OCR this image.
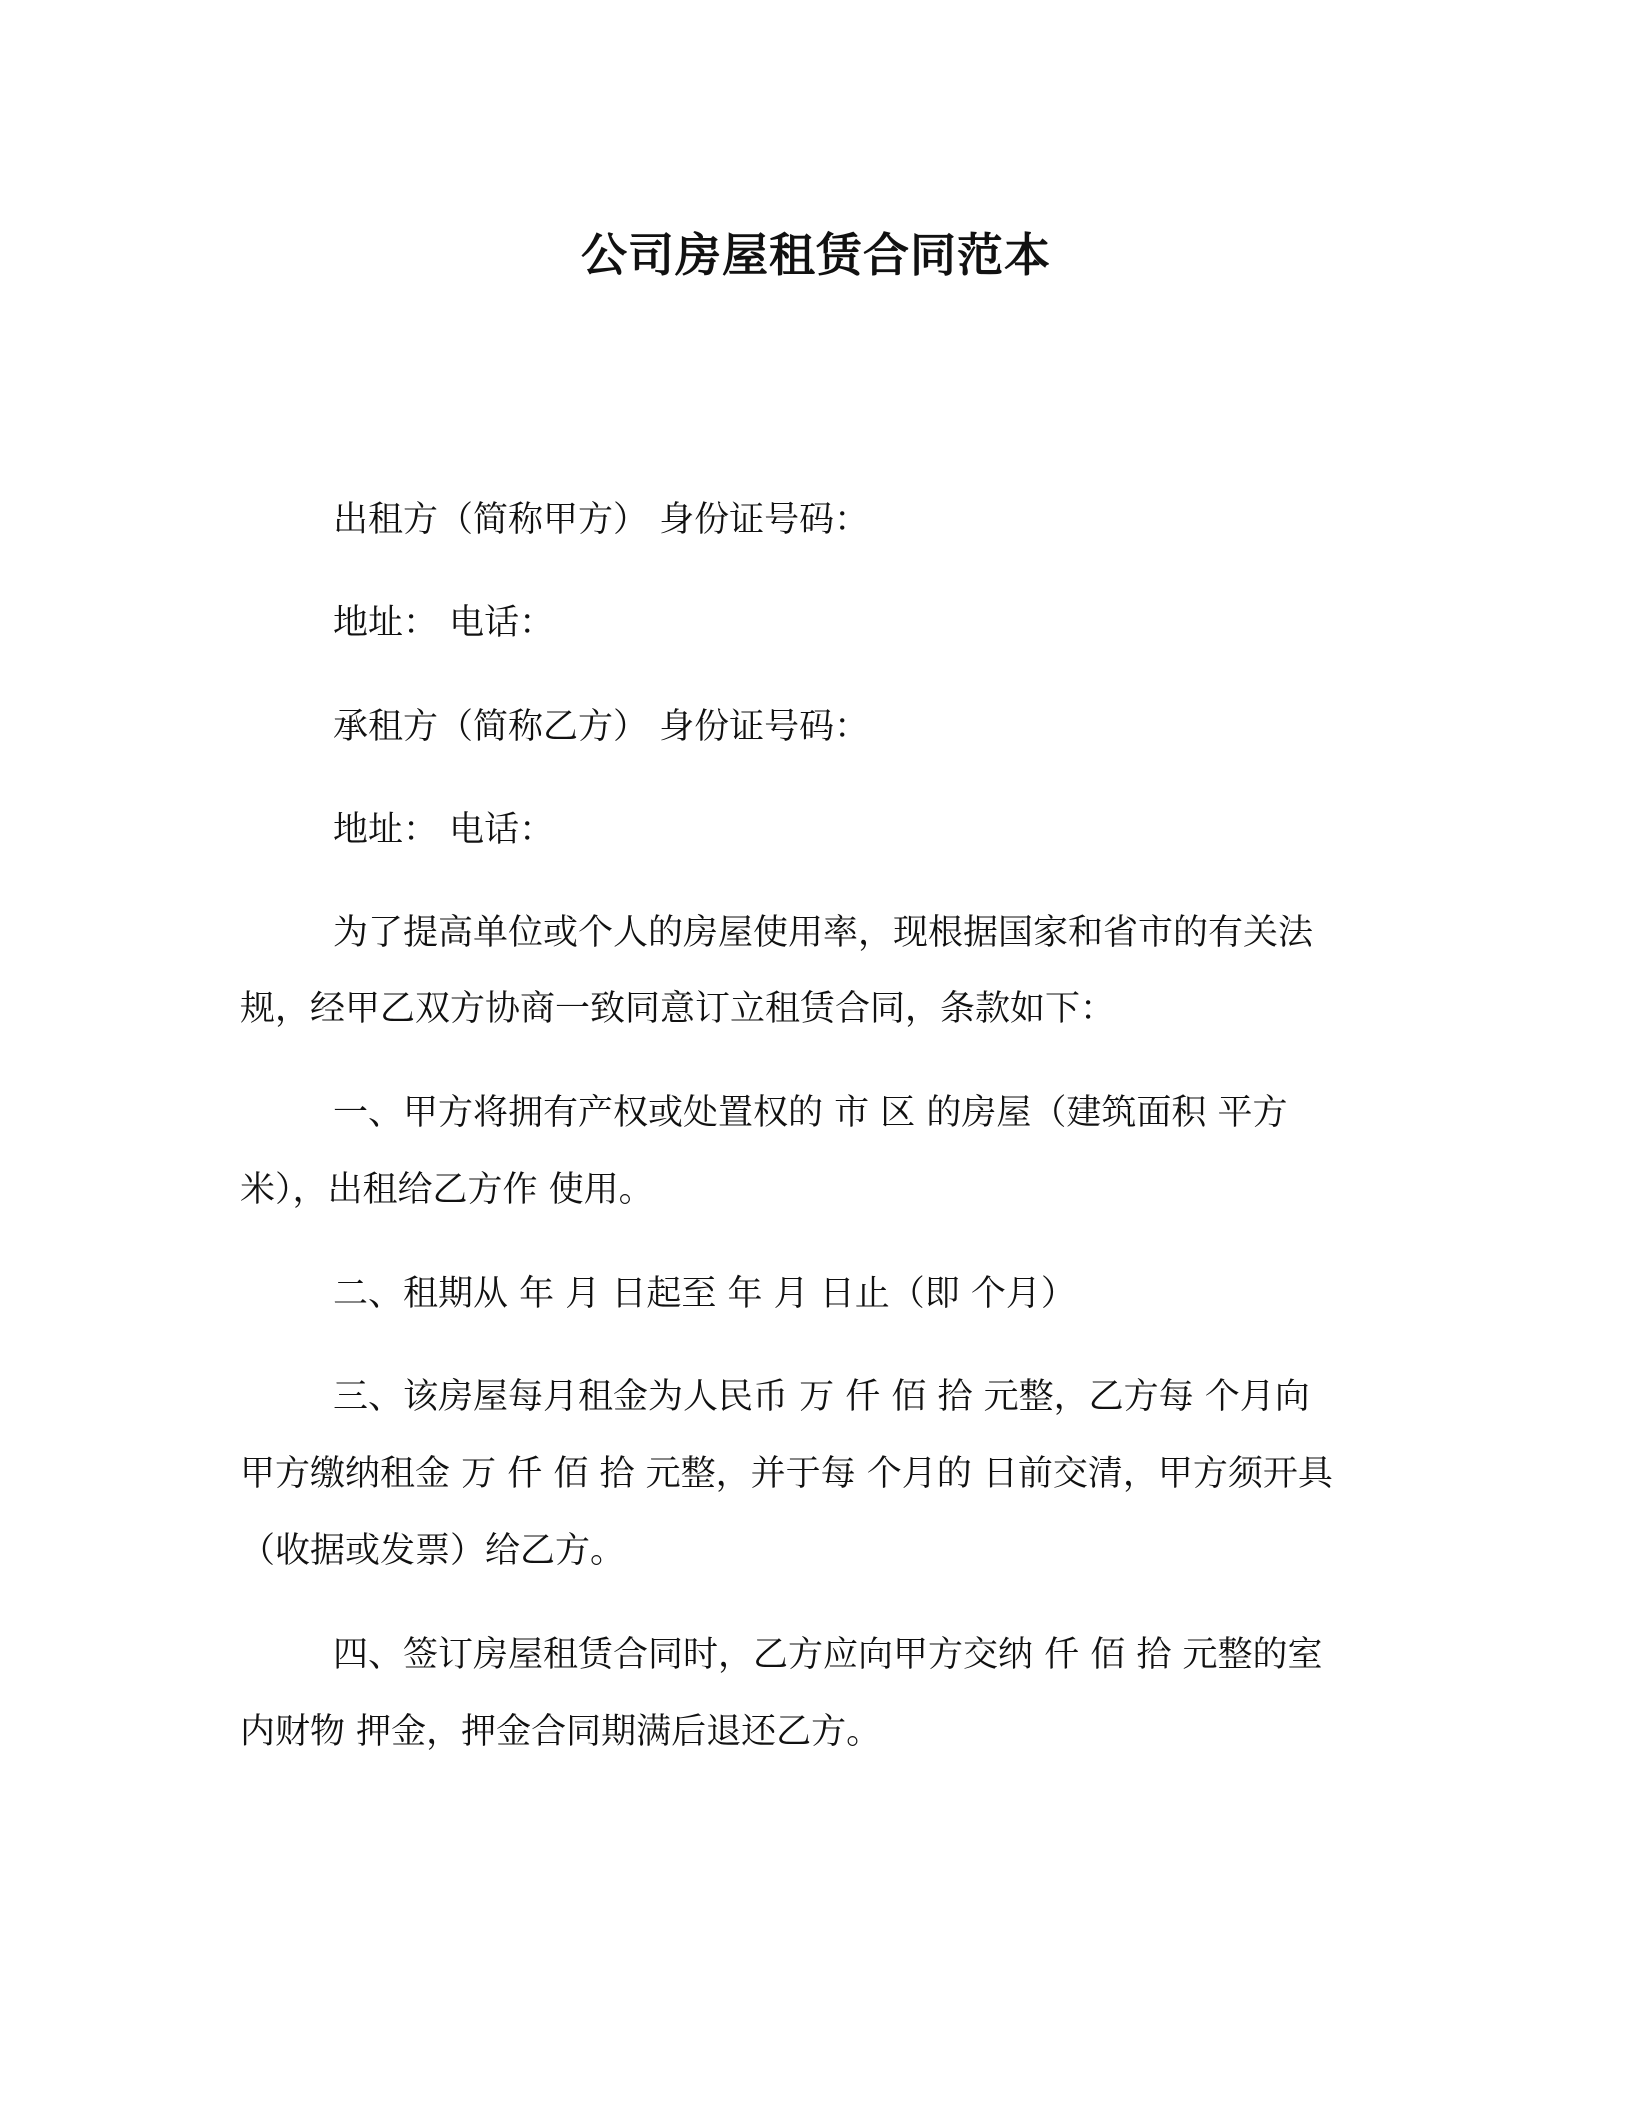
公司房屋租赁合同范本
出租方（简称甲方） 身份证号码：
地址： 电话：
承租方（简称乙方） 身份证号码：
地址： 电话：
为了提高单位或个人的房屋使用率，现根据国家和省市的有关法
规，经甲乙双方协商一致同意订立租赁合同，条款如下：
一、甲方将拥有产权或处置权的 市 区 的房屋（建筑面积 平方
米），出租给乙方作 使用。
二、租期从 年 月 日起至 年 月 日止（即 个月）
三、该房屋每月租金为人民币 万 仟 佰 拾 元整，乙方每 个月向
甲方缴纳租金 万 仟 佰 拾 元整，并于每 个月的 日前交清，甲方须开具
（收据或发票）给乙方。
四、签订房屋租赁合同时，乙方应向甲方交纳 仟 佰 拾 元整的室
内财物 押金，押金合同期满后退还乙方。
